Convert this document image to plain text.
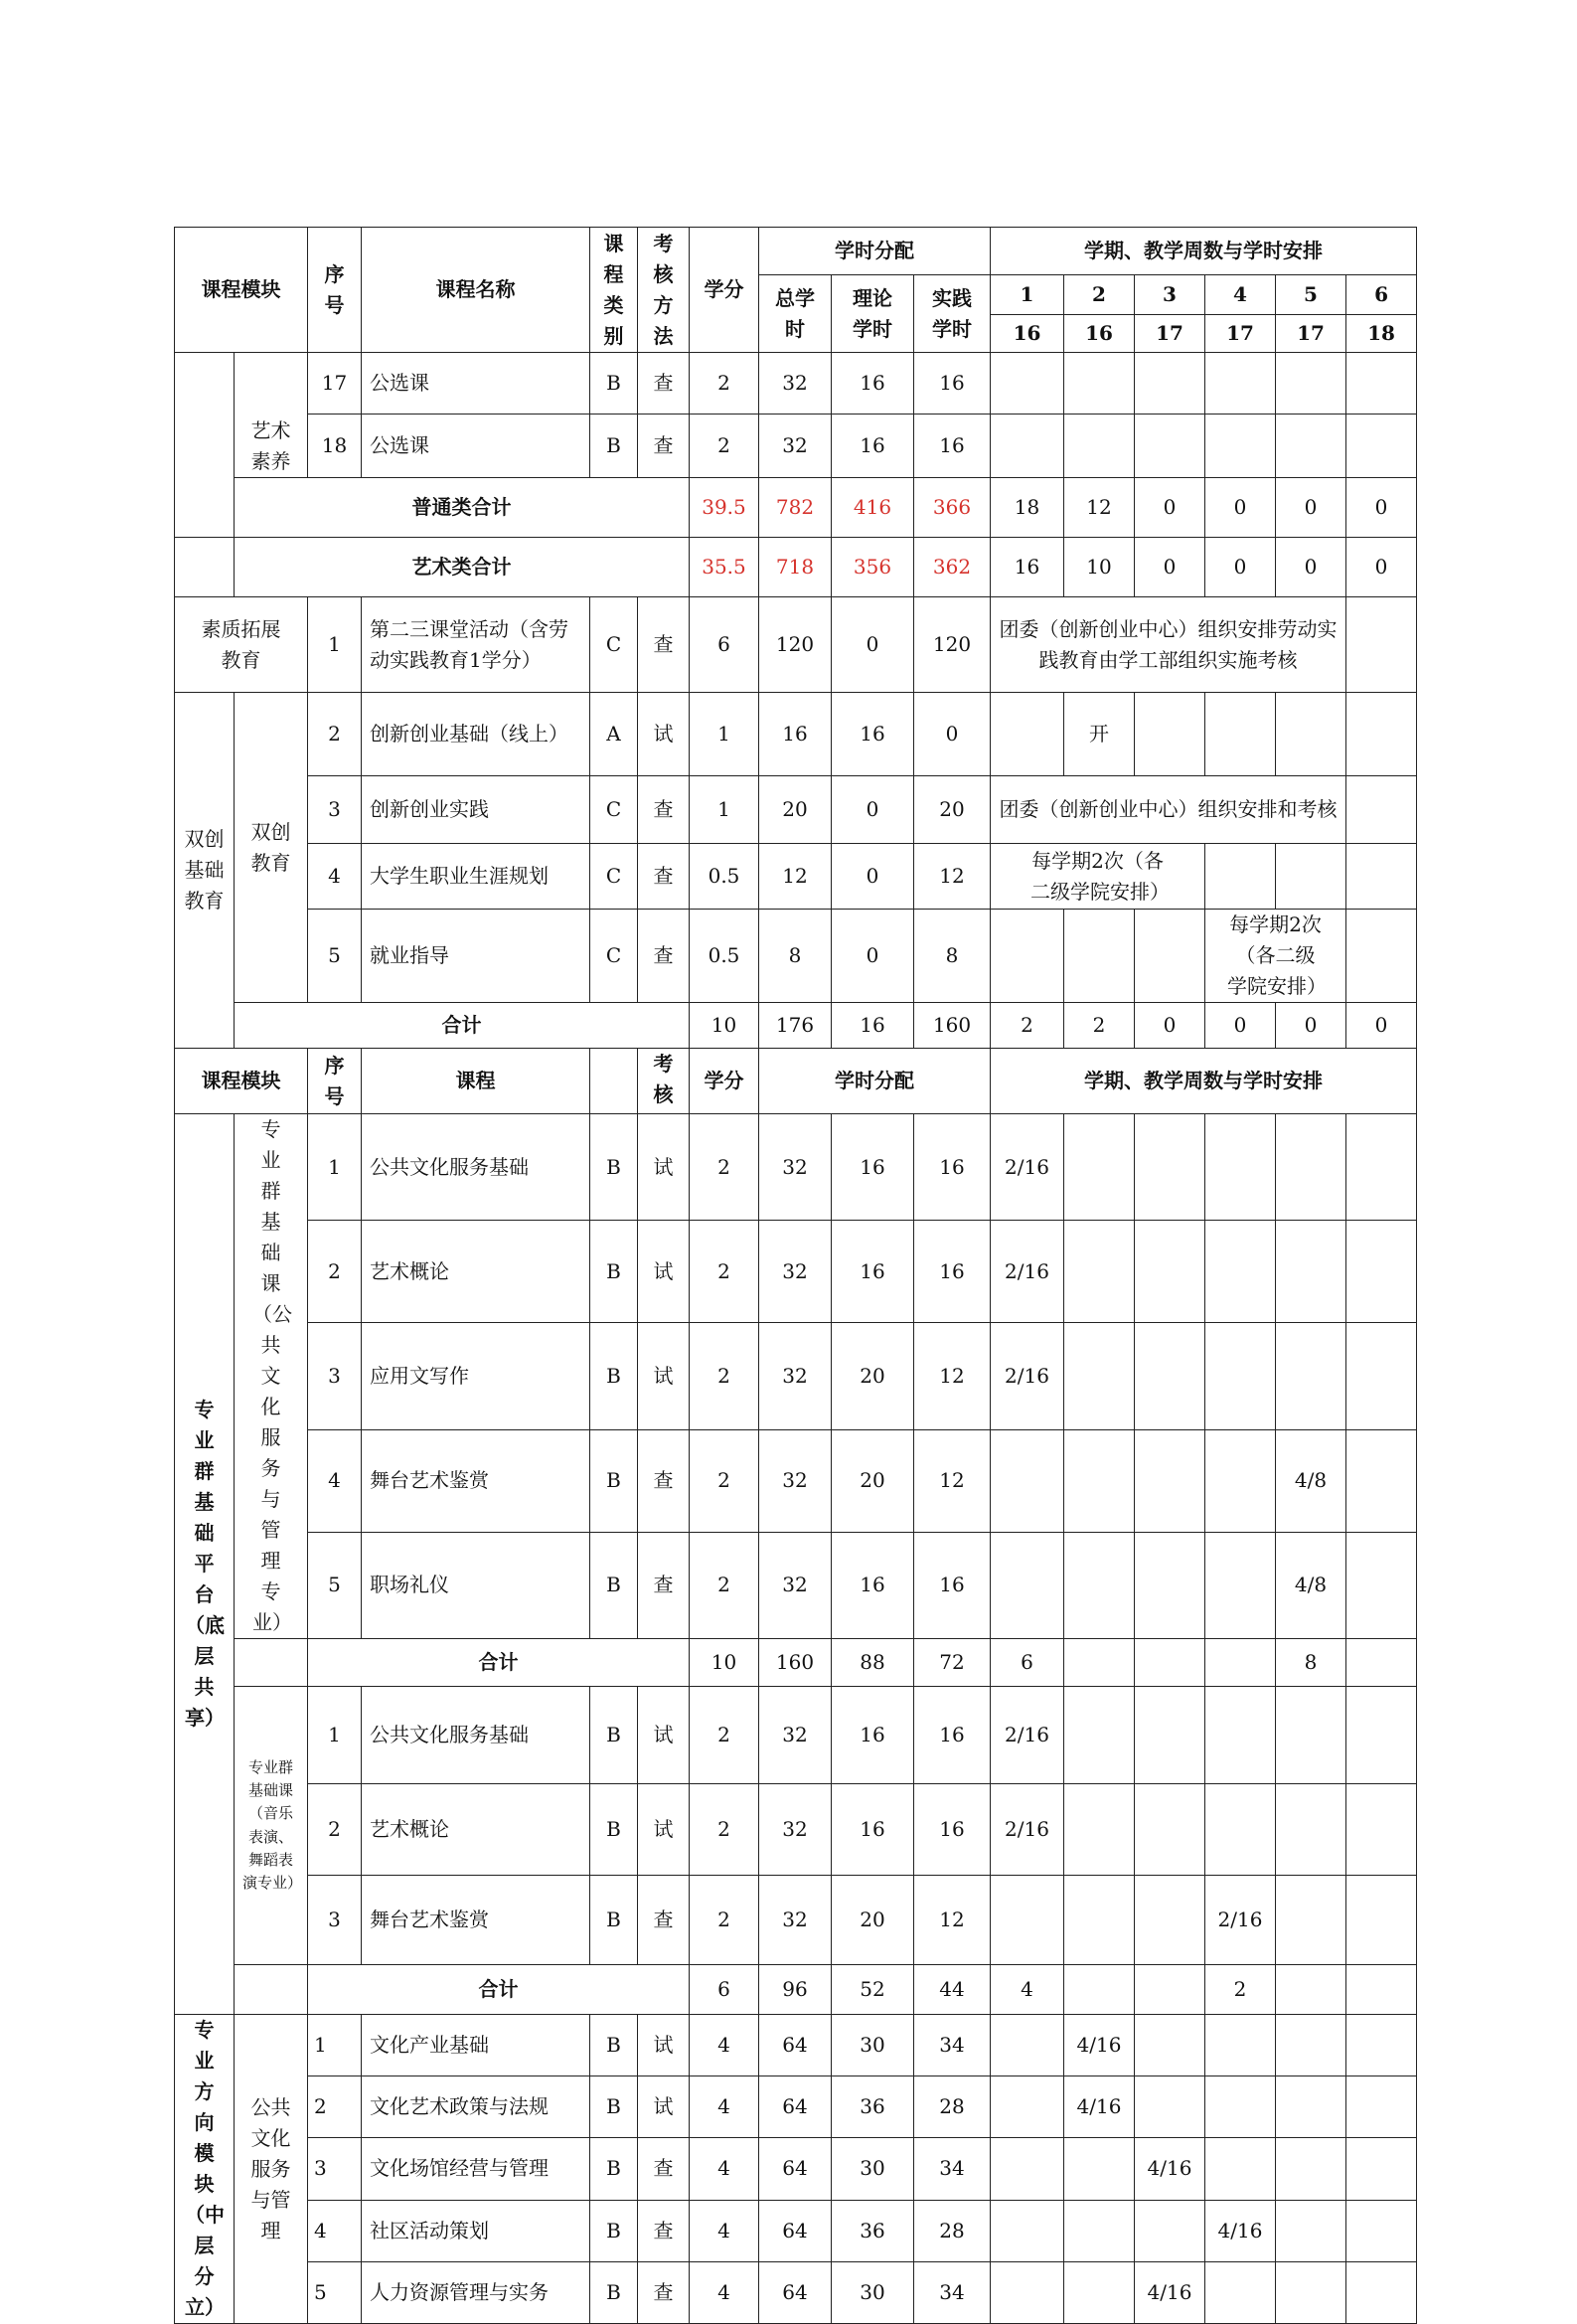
课程模块		序号	课程名称	课程类别	考核方法	学分	学时分配			学期、教学周数与学时安排					
							总学时	理论学时	实践学时	1	2	3	4	5	6
										16	16	17	17	17	18
	艺术素养	17	公选课	B	查	2	32	16	16						
		18	公选课	B	查	2	32	16	16						
	普通类合计					39.5	782	416	366	18	12	0	0	0	0
	艺术类合计					35.5	718	356	362	16	10	0	0	0	0
素质拓展教育		1	第二三课堂活动（含劳动实践教育1学分）	C	查	6	120	0	120	团委（创新创业中心）组织安排劳动实践教育由学工部组织实施考核					
双创基础教育	双创教育	2	创新创业基础（线上）	A	试	1	16	16	0		开				
		3	创新创业实践	C	查	1	20	0	20	团委（创新创业中心）组织安排和考核					
		4	大学生职业生涯规划	C	查	0.5	12	0	12	每学期2次（各二级学院安排）					
		5	就业指导	C	查	0.5	8	0	8				每学期2次（各二级学院安排）		
	合计					10	176	16	160	2	2	0	0	0	0
课程模块		序号	课程		考核	学分	学时分配			学期、教学周数与学时安排					
专业群基础平台（底层共享）	专业群基础课（公共文化服务与管理专业）	1	公共文化服务基础	B	试	2	32	16	16	2/16					
		2	艺术概论	B	试	2	32	16	16	2/16					
		3	应用文写作	B	试	2	32	20	12	2/16					
		4	舞台艺术鉴赏	B	查	2	32	20	12					4/8	
		5	职场礼仪	B	查	2	32	16	16					4/8	
		合计				10	160	88	72	6				8	
	专业群基础课（音乐表演、舞蹈表演专业）	1	公共文化服务基础	B	试	2	32	16	16	2/16					
		2	艺术概论	B	试	2	32	16	16	2/16					
		3	舞台艺术鉴赏	B	查	2	32	20	12				2/16		
		合计				6	96	52	44	4			2		
专业方向模块（中层分立）	公共文化服务与管理	1	文化产业基础	B	试	4	64	30	34		4/16				
		2	文化艺术政策与法规	B	试	4	64	36	28		4/16				
		3	文化场馆经营与管理	B	查	4	64	30	34			4/16			
		4	社区活动策划	B	查	4	64	36	28				4/16		
		5	人力资源管理与实务	B	查	4	64	30	34			4/16			
